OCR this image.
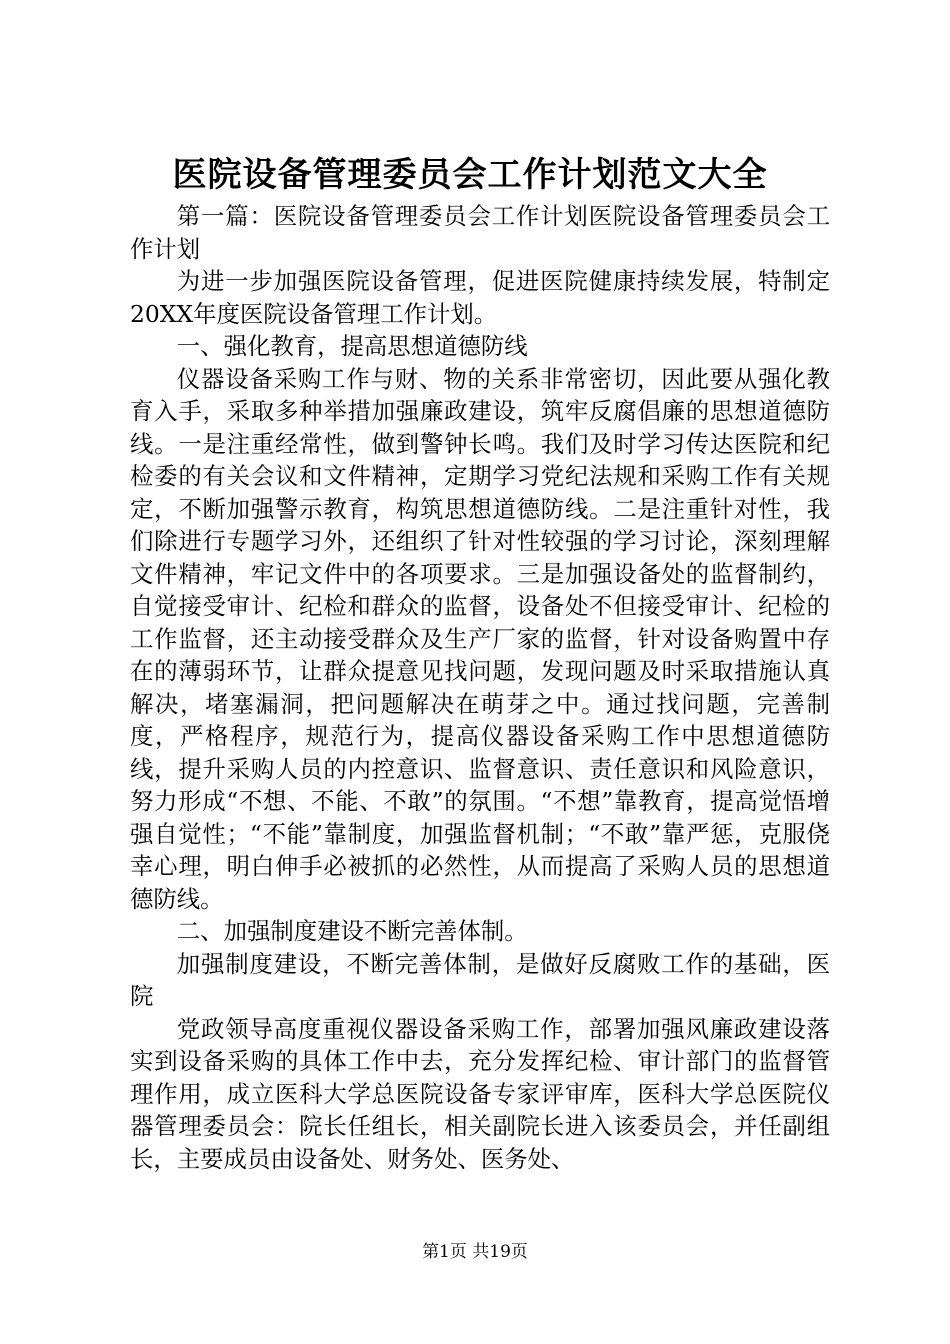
医院设备管理委员会工作计划范文大全

第一篇：医院设备管理委员会工作计划医院设备管理委员会工作计划

为进一步加强医院设备管理，促进医院健康持续发展，特制定20XX年度医院设备管理工作计划。

一、强化教育，提高思想道德防线

仪器设备采购工作与财、物的关系非常密切，因此要从强化教育入手，采取多种举措加强廉政建设，筑牢反腐倡廉的思想道德防线。一是注重经常性，做到警钟长鸣。我们及时学习传达医院和纪检委的有关会议和文件精神，定期学习党纪法规和采购工作有关规定，不断加强警示教育，构筑思想道德防线。二是注重针对性，我们除进行专题学习外，还组织了针对性较强的学习讨论，深刻理解文件精神，牢记文件中的各项要求。三是加强设备处的监督制约，自觉接受审计、纪检和群众的监督，设备处不但接受审计、纪检的工作监督，还主动接受群众及生产厂家的监督，针对设备购置中存在的薄弱环节，让群众提意见找问题，发现问题及时采取措施认真解决，堵塞漏洞，把问题解决在萌芽之中。通过找问题，完善制度，严格程序，规范行为，提高仪器设备采购工作中思想道德防线，提升采购人员的内控意识、监督意识、责任意识和风险意识，努力形成“不想、不能、不敢”的氛围。“不想”靠教育，提高觉悟增强自觉性；“不能”靠制度，加强监督机制；“不敢”靠严惩，克服侥幸心理，明白伸手必被抓的必然性，从而提高了采购人员的思想道德防线。

二、加强制度建设不断完善体制。

加强制度建设，不断完善体制，是做好反腐败工作的基础，医院

党政领导高度重视仪器设备采购工作，部署加强风廉政建设落实到设备采购的具体工作中去，充分发挥纪检、审计部门的监督管理作用，成立医科大学总医院设备专家评审库，医科大学总医院仪器管理委员会：院长任组长，相关副院长进入该委员会，并任副组长，主要成员由设备处、财务处、医务处、

第1页 共19页
